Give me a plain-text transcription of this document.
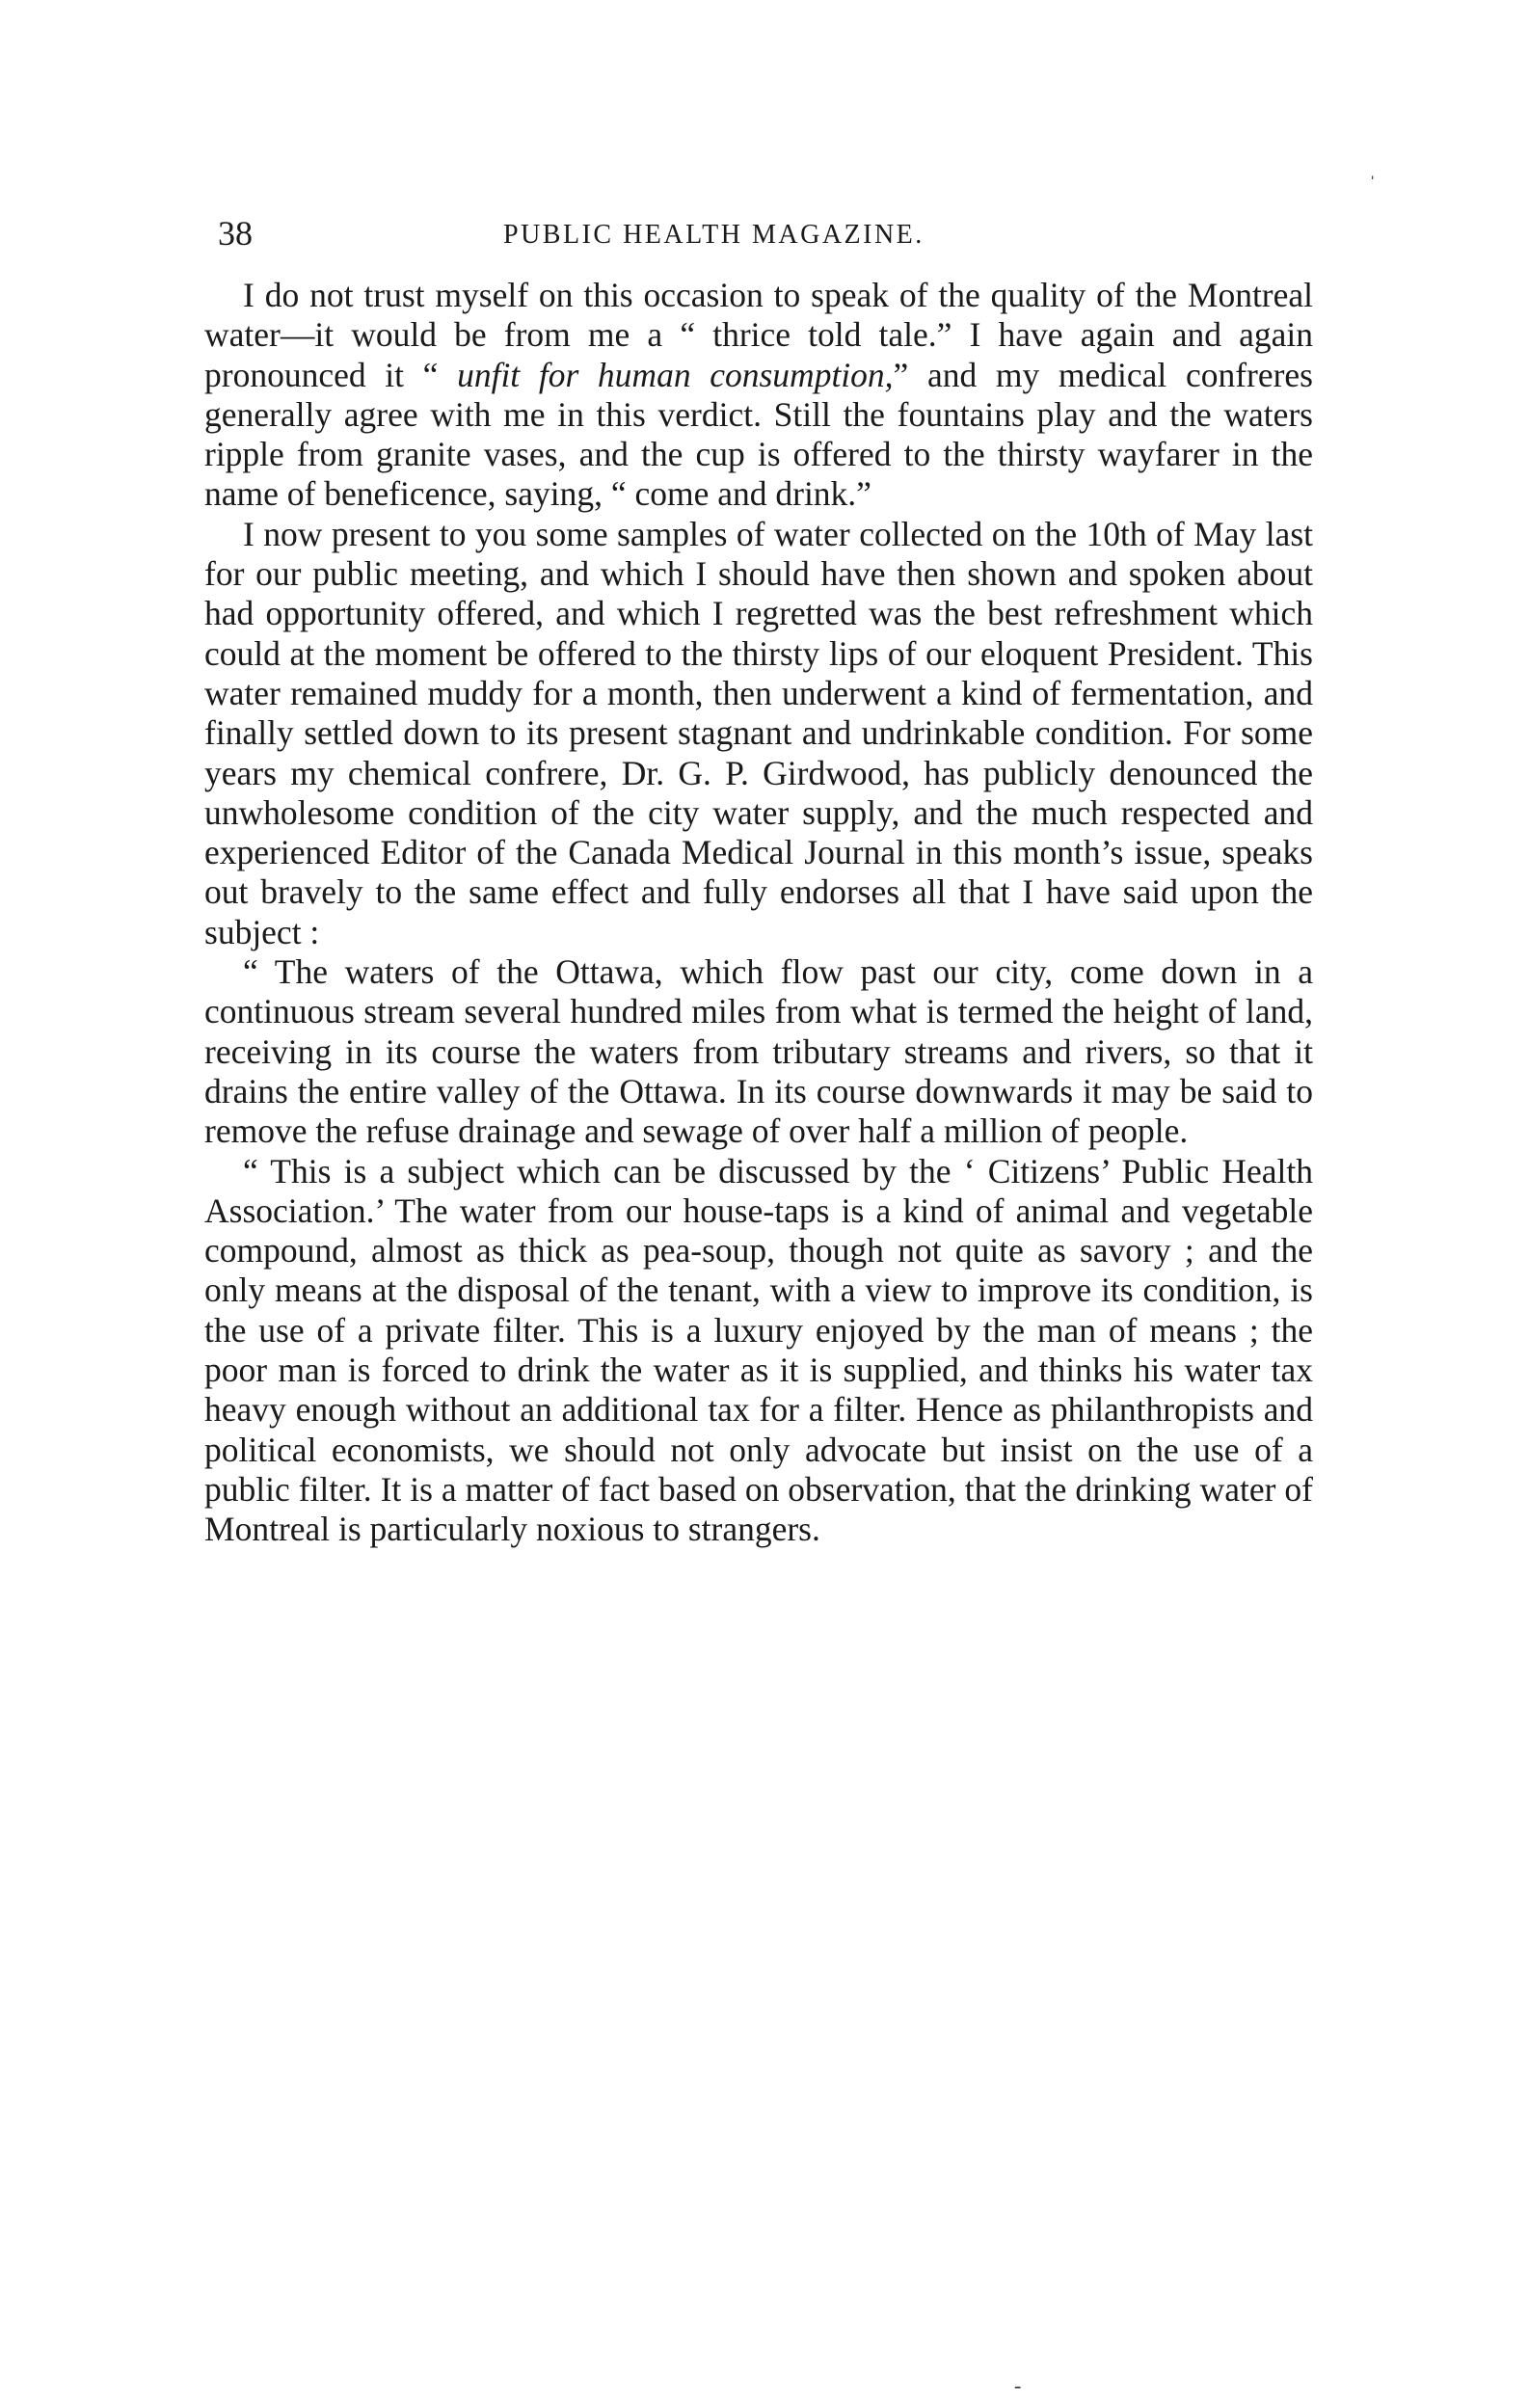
38	PUBLIC HEALTH MAGAZINE.

I do not trust myself on this occasion to speak of the quality of the Montreal water—it would be from me a “ thrice told tale.” I have again and again pronounced it “ unfit for human consumption,” and my medical confreres generally agree with me in this verdict. Still the fountains play and the waters ripple from granite vases, and the cup is offered to the thirsty wayfarer in the name of beneficence, saying, “ come and drink.”

I now present to you some samples of water collected on the 10th of May last for our public meeting, and which I should have then shown and spoken about had opportunity offered, and which I regretted was the best refreshment which could at the moment be offered to the thirsty lips of our eloquent President. This water remained muddy for a month, then underwent a kind of fermentation, and finally settled down to its present stagnant and undrinkable condition. For some years my chemical confrere, Dr. G. P. Girdwood, has publicly denounced the unwholesome condition of the city water supply, and the much respected and experienced Editor of the Canada Medical Journal in this month’s issue, speaks out bravely to the same effect and fully endorses all that I have said upon the subject :

“ The waters of the Ottawa, which flow past our city, come down in a continuous stream several hundred miles from what is termed the height of land, receiving in its course the waters from tributary streams and rivers, so that it drains the entire valley of the Ottawa. In its course downwards it may be said to remove the refuse drainage and sewage of over half a million of people.

“ This is a subject which can be discussed by the ‘ Citizens’ Public Health Association.’ The water from our house-taps is a kind of animal and vegetable compound, almost as thick as pea-soup, though not quite as savory ; and the only means at the disposal of the tenant, with a view to improve its condition, is the use of a private filter. This is a luxury enjoyed by the man of means ; the poor man is forced to drink the water as it is supplied, and thinks his water tax heavy enough without an additional tax for a filter. Hence as philanthropists and political economists, we should not only advocate but insist on the use of a public filter. It is a matter of fact based on observation, that the drinking water of Montreal is particularly noxious to strangers.

ˈ
-
